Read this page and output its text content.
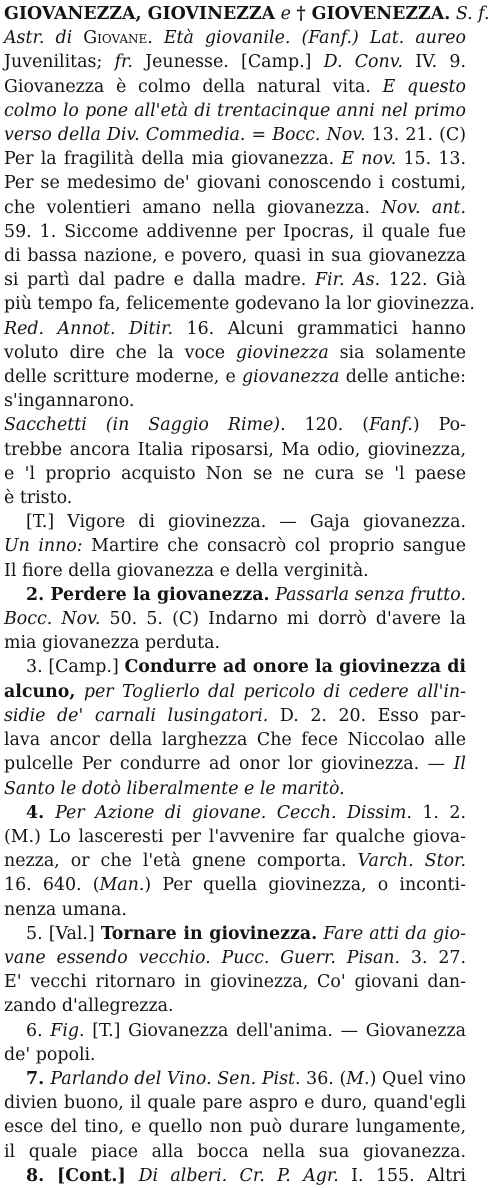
GIOVANEZZA, GIOVINEZZA e † GIOVENEZZA. S. f.
Astr. di Giovane. Età giovanile. (Fanf.) Lat. aureo
Juvenilitas; fr. Jeunesse. [Camp.] D. Conv. IV. 9.
Giovanezza è colmo della natural vita. E questo
colmo lo pone all'età di trentacinque anni nel primo
verso della Div. Commedia. = Bocc. Nov. 13. 21. (C)
Per la fragilità della mia giovanezza. E nov. 15. 13.
Per se medesimo de' giovani conoscendo i costumi,
che volentieri amano nella giovanezza. Nov. ant.
59. 1. Siccome addivenne per Ipocras, il quale fue
di bassa nazione, e povero, quasi in sua giovanezza
si partì dal padre e dalla madre. Fir. As. 122. Già
più tempo fa, felicemente godevano la lor giovinezza.
Red. Annot. Ditir. 16. Alcuni grammatici hanno
voluto dire che la voce giovinezza sia solamente
delle scritture moderne, e giovanezza delle antiche:
s'ingannarono.
Sacchetti (in Saggio Rime). 120. (Fanf.) Po-
trebbe ancora Italia riposarsi, Ma odio, giovinezza,
e 'l proprio acquisto Non se ne cura se 'l paese
è tristo.
[T.] Vigore di giovinezza. — Gaja giovanezza.
Un inno: Martire che consacrò col proprio sangue
Il fiore della giovanezza e della verginità.
2. Perdere la giovanezza. Passarla senza frutto.
Bocc. Nov. 50. 5. (C) Indarno mi dorrò d'avere la
mia giovanezza perduta.
3. [Camp.] Condurre ad onore la giovinezza di
alcuno, per Toglierlo dal pericolo di cedere all'in-
sidie de' carnali lusingatori. D. 2. 20. Esso par-
lava ancor della larghezza Che fece Niccolao alle
pulcelle Per condurre ad onor lor giovinezza. — Il
Santo le dotò liberalmente e le maritò.
4. Per Azione di giovane. Cecch. Dissim. 1. 2.
(M.) Lo lasceresti per l'avvenire far qualche giova-
nezza, or che l'età gnene comporta. Varch. Stor.
16. 640. (Man.) Per quella giovinezza, o inconti-
nenza umana.
5. [Val.] Tornare in giovinezza. Fare atti da gio-
vane essendo vecchio. Pucc. Guerr. Pisan. 3. 27.
E' vecchi ritornaro in giovinezza, Co' giovani dan-
zando d'allegrezza.
6. Fig. [T.] Giovanezza dell'anima. — Giovanezza
de' popoli.
7. Parlando del Vino. Sen. Pist. 36. (M.) Quel vino
divien buono, il quale pare aspro e duro, quand'egli
esce del tino, e quello non può durare lungamente,
il quale piace alla bocca nella sua giovanezza.
8. [Cont.] Di alberi. Cr. P. Agr. I. 155. Altri
